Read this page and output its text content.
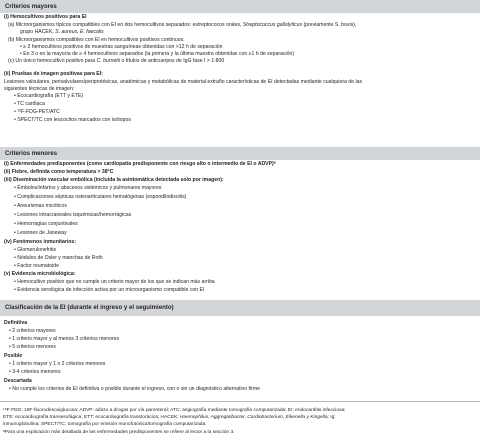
Criterios mayores
(i) Hemocultivos positivos para EI
(a) Microorganismos típicos compatibles con EI en dos hemocultivos separados: estreptococos orales, Streptococcus gallolyticus (previamente S. bovis),
grupo HACEK, S. aureus, E. faecalis
(b) Microorganismos compatibles con EI en hemocultivos positivos continuos:
• ≥ 2 hemocultivos positivos de muestras sanguíneas obtenidas con >12 h de separación
• En 3 o en la mayoría de ≥ 4 hemocultivos separados (la primera y la última muestra obtenidas con ≥1 h de separación)
(c) Un único hemocultivo positivo para C. burnetii o títulos de anticuerpos de IgG fase I > 1:800
(ii) Pruebas de imagen positivas para EI:
Lesiones valvulares, perivalvulares/periprotésicas, anatómicas y metabólicas de material extraño características de EI detectadas mediante cualquiera de las
siguientes técnicas de imagen:
• Ecocardiografía (ETT y ETE)
• TC cardiaca
• ¹⁸F-FDG-PET/ATC
• SPECT/TC con leucocitos marcados con isótopos
Criterios menores
(i) Enfermedades predisponentes (como cardiopatía predisponente con riesgo alto o intermedio de EI o ADVP)ᵃ
(ii) Fiebre, definida como temperatura > 38°C
(iii) Diseminación vascular embólica (incluida la asintomática detectada solo por imagen):
• Émbolos/infartos y abscesos sistémicos y pulmonares mayores
• Complicaciones sépticas osteoarticulares hematógenas (espondilodiscitis)
• Aneurismas micóticos
• Lesiones intracraneales isquémicas/hemorrágicas
• Hemorragias conjuntivales
• Lesiones de Janeway
(iv) Fenómenos inmunitarios:
• Glomerulonefritis
• Nódulos de Osler y manchas de Roth
• Factor reumatoide
(v) Evidencia microbiológica:
• Hemocultivo positivo que no cumple un criterio mayor de los que se indican más arriba
• Evidencia serológica de infección activa por un microorganismo compatible con EI
Clasificación de la EI (durante el ingreso y el seguimiento)
Definitiva
• 2 criterios mayores
• 1 criterio mayor y al menos 3 criterios menores
• 5 criterios menores
Posible
• 1 criterio mayor y 1 o 2 criterios menores
• 3-4 criterios menores
Descartada
• No cumple los criterios de EI definitiva o posible durante el ingreso, con o sin un diagnóstico alternativo firme
¹⁸F-FDG: 18F-fluorodesoxiglucosa; ADVP: adicto a drogas por vía parenteral; ATC: angiografía mediante tomografía computarizada; EI: endocarditis infecciosa;
ETE: ecocardiografía transesofágica; ETT: ecocardiografía transtorácica; HACEK: Haemophilus, Aggregatibacter, Cardiobacterium, Eikenella y Kingella; Ig:
inmunoglobulina; SPECT/TC: tomografía por emisión monofotónica/tomografía computarizada.
ᵃPara una explicación más detallada de las enfermedades predisponentes se refiere al lector a la sección 3.
